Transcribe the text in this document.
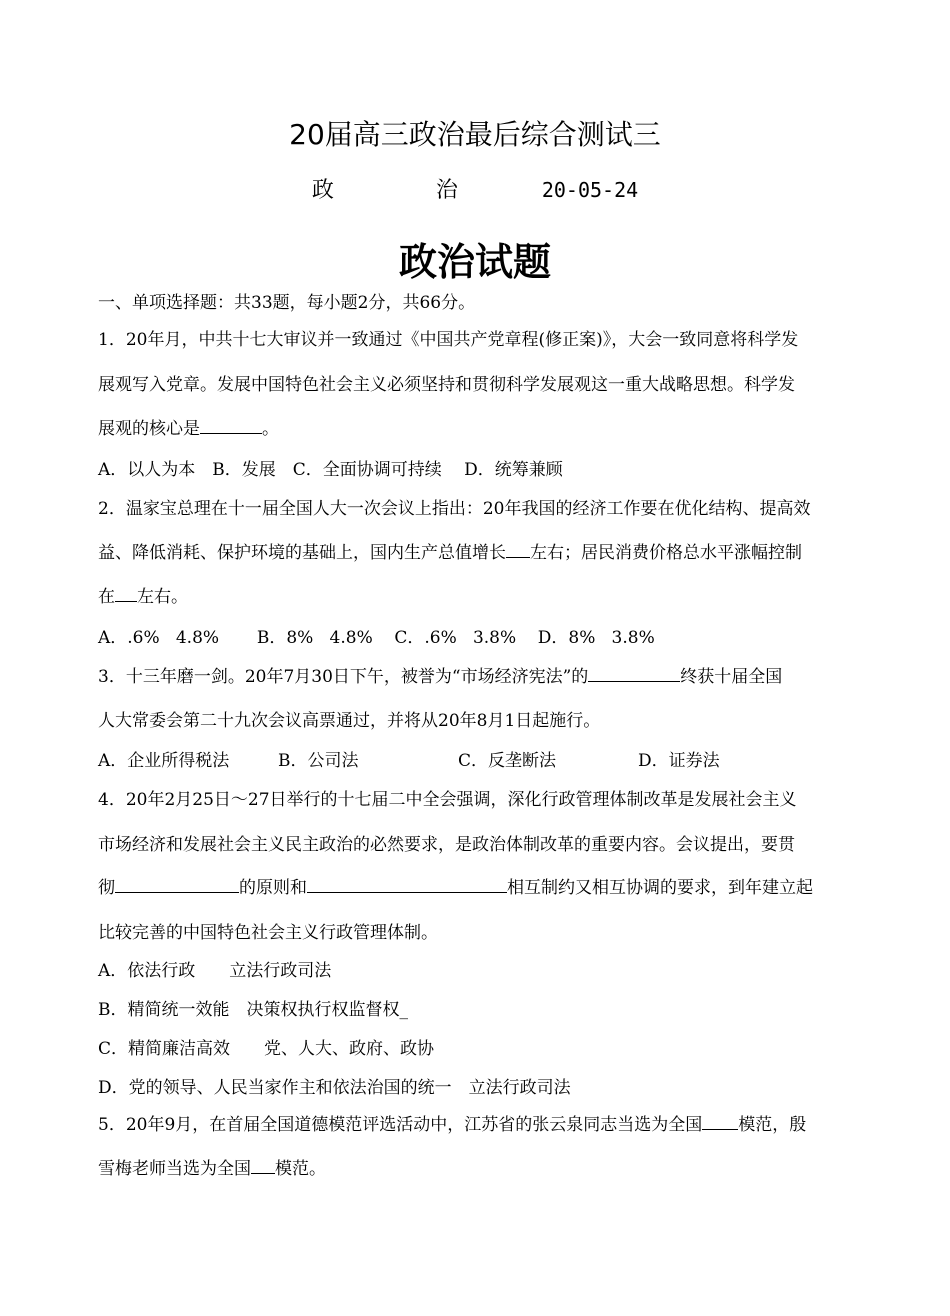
20届高三政治最后综合测试三
政　治 20-05-24
政治试题
一、单项选择题：共33题，每小题2分，共66分。
1．20年月，中共十七大审议并一致通过《中国共产党章程(修正案)》，大会一致同意将科学发
展观写入党章。发展中国特色社会主义必须坚持和贯彻科学发展观这一重大战略思想。科学发
展观的核心是	。
A．以人为本　B．发展　C．全面协调可持续　 D．统筹兼顾
2．温家宝总理在十一届全国人大一次会议上指出：20年我国的经济工作要在优化结构、提高效
益、降低消耗、保护环境的基础上，国内生产总值增长 左右；居民消费价格总水平涨幅控制
在 左右。
A．.6%   4.8%       B．8%   4.8%    C．.6%   3.8%    D．8%   3.8%
3．十三年磨一剑。20年7月30日下午，被誉为“市场经济宪法”的	终获十届全国
人大常委会第二十九次会议高票通过，并将从20年8月1日起施行。
A．企业所得税法	B．公司法	C．反垄断法	D．证券法
4．20年2月25日～27日举行的十七届二中全会强调，深化行政管理体制改革是发展社会主义
市场经济和发展社会主义民主政治的必然要求，是政治体制改革的重要内容。会议提出，要贯
彻	的原则和	相互制约又相互协调的要求，到年建立起
比较完善的中国特色社会主义行政管理体制。
A．依法行政　　立法行政司法
B．精简统一效能　决策权执行权监督权_
C．精简廉洁高效　　党、人大、政府、政协
D．党的领导、人民当家作主和依法治国的统一　立法行政司法
5．20年9月，在首届全国道德模范评选活动中，江苏省的张云泉同志当选为全国 模范，殷
雪梅老师当选为全国 模范。
